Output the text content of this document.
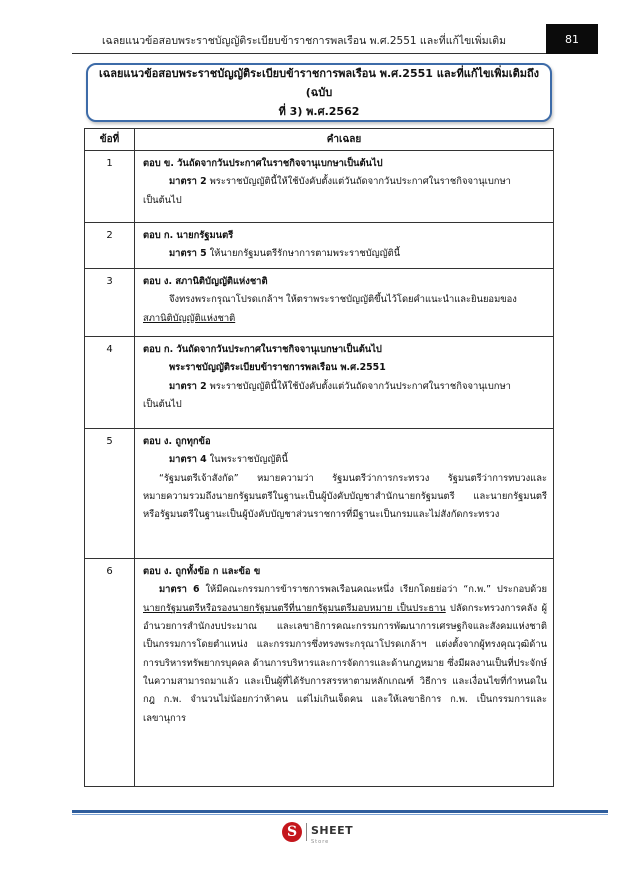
เฉลยแนวข้อสอบพระราชบัญญัติระเบียบข้าราชการพลเรือน พ.ศ.2551 และที่แก้ไขเพิ่มเติม	81
เฉลยแนวข้อสอบพระราชบัญญัติระเบียบข้าราชการพลเรือน พ.ศ.2551 และที่แก้ไขเพิ่มเติมถึง (ฉบับ
ที่ 3) พ.ศ.2562
ข้อที่	คำเฉลย
1	ตอบ ข. วันถัดจากวันประกาศในราชกิจจานุเบกษาเป็นต้นไป

มาตรา 2 พระราชบัญญัตินี้ให้ใช้บังคับตั้งแต่วันถัดจากวันประกาศในราชกิจจานุเบกษา

เป็นต้นไป

2	ตอบ ก. นายกรัฐมนตรี

มาตรา 5 ให้นายกรัฐมนตรีรักษาการตามพระราชบัญญัตินี้

3	ตอบ ง. สภานิติบัญญัติแห่งชาติ

จึงทรงพระกรุณาโปรดเกล้าฯ ให้ตราพระราชบัญญัติขึ้นไว้โดยคำแนะนำและยินยอมของ

สภานิติบัญญัติแห่งชาติ

4	ตอบ ก. วันถัดจากวันประกาศในราชกิจจานุเบกษาเป็นต้นไป

พระราชบัญญัติระเบียบข้าราชการพลเรือน พ.ศ.2551

มาตรา 2 พระราชบัญญัตินี้ให้ใช้บังคับตั้งแต่วันถัดจากวันประกาศในราชกิจจานุเบกษา

เป็นต้นไป

5	ตอบ ง. ถูกทุกข้อ

มาตรา 4 ในพระราชบัญญัตินี้

“รัฐมนตรีเจ้าสังกัด” หมายความว่า รัฐมนตรีว่าการกระทรวง รัฐมนตรีว่าการทบวงและ หมายความรวมถึงนายกรัฐมนตรีในฐานะเป็นผู้บังคับบัญชาสำนักนายกรัฐมนตรี และนายกรัฐมนตรีหรือรัฐมนตรีในฐานะเป็นผู้บังคับบัญชาส่วนราชการที่มีฐานะเป็นกรมและไม่สังกัดกระทรวง

6	ตอบ ง. ถูกทั้งข้อ ก และข้อ ข

มาตรา 6 ให้มีคณะกรรมการข้าราชการพลเรือนคณะหนึ่ง เรียกโดยย่อว่า “ก.พ.” ประกอบด้วยนายกรัฐมนตรีหรือรองนายกรัฐมนตรีที่นายกรัฐมนตรีมอบหมาย เป็นประธาน ปลัดกระทรวงการคลัง ผู้อำนวยการสำนักงบประมาณ และเลขาธิการคณะกรรมการพัฒนาการเศรษฐกิจและสังคมแห่งชาติ เป็นกรรมการโดยตำแหน่ง และกรรมการซึ่งทรงพระกรุณาโปรดเกล้าฯ แต่งตั้งจากผู้ทรงคุณวุฒิด้านการบริหารทรัพยากรบุคคล ด้านการบริหารและการจัดการและด้านกฎหมาย ซึ่งมีผลงานเป็นที่ประจักษ์ในความสามารถมาแล้ว และเป็นผู้ที่ได้รับการสรรหาตามหลักเกณฑ์ วิธีการ และเงื่อนไขที่กำหนดในกฎ ก.พ. จำนวนไม่น้อยกว่าห้าคน แต่ไม่เกินเจ็ดคน และให้เลขาธิการ ก.พ. เป็นกรรมการและเลขานุการ

S	SHEET
Store
